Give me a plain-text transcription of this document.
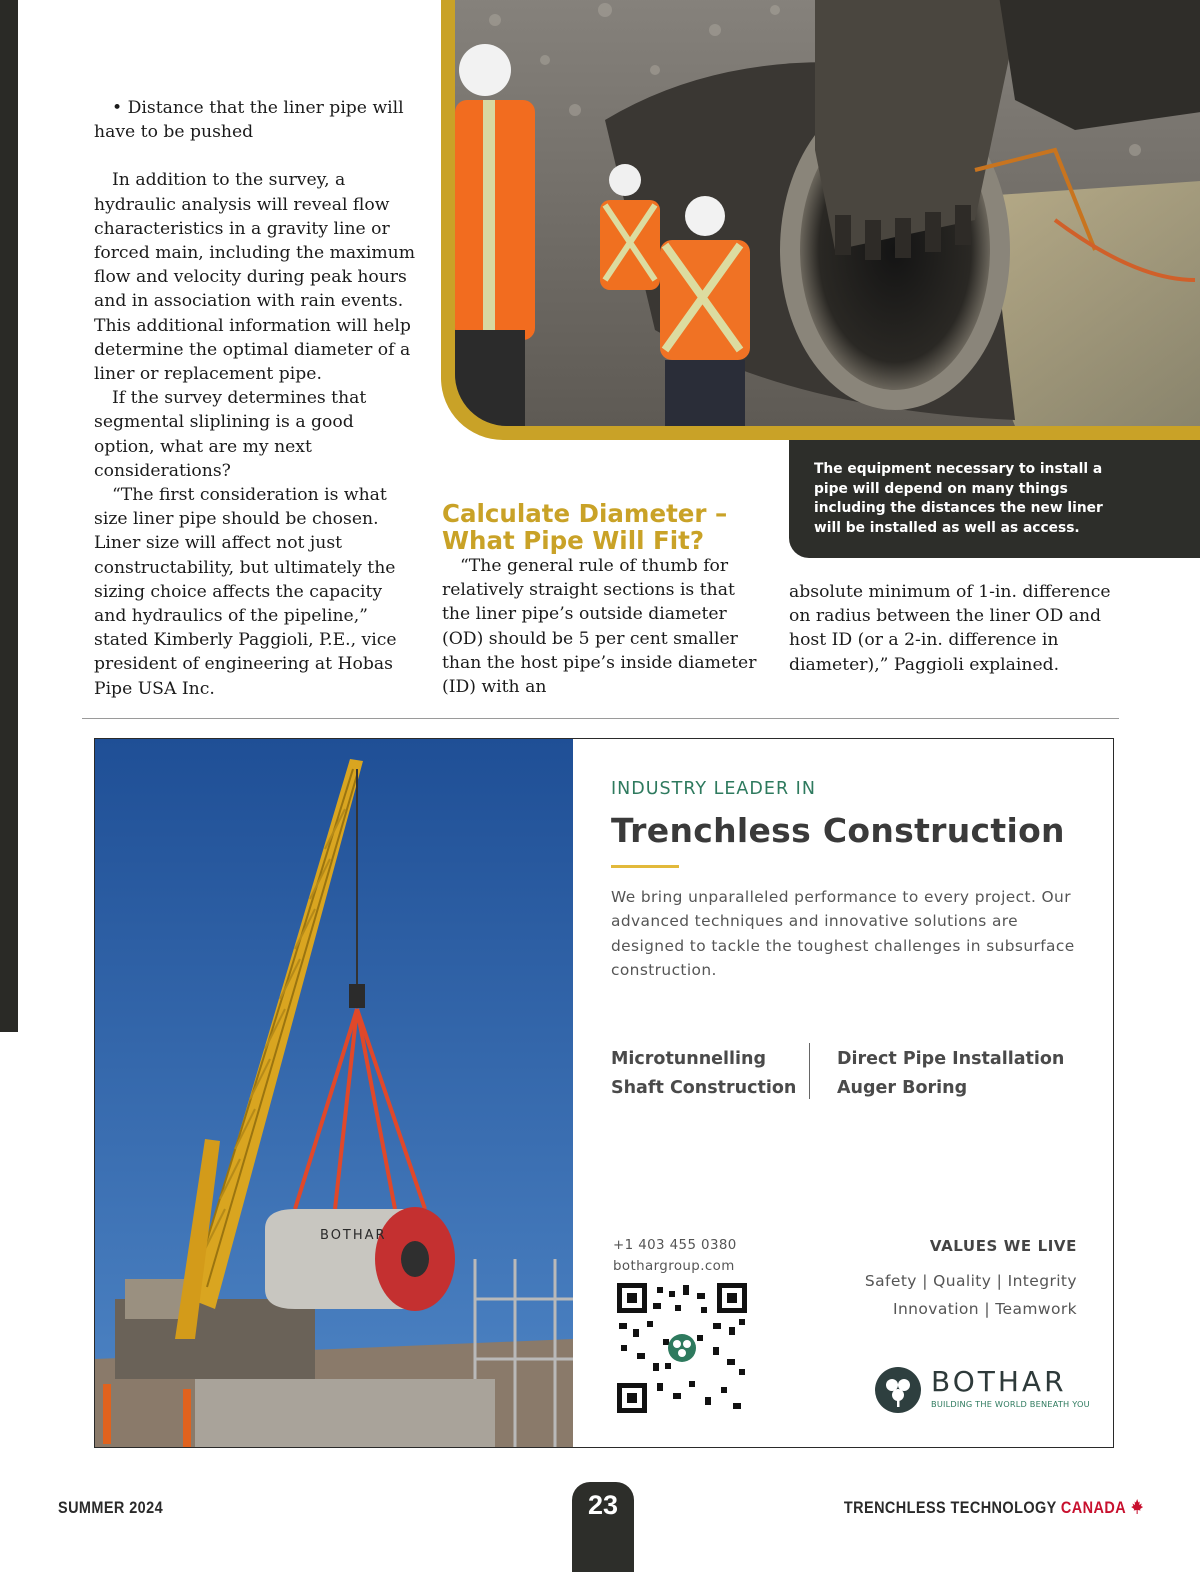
• Distance that the liner pipe will have to be pushed

In addition to the survey, a hydraulic analysis will reveal flow characteristics in a gravity line or forced main, including the maximum flow and velocity during peak hours and in association with rain events. This additional information will help determine the optimal diameter of a liner or replacement pipe.

If the survey determines that segmental sliplining is a good option, what are my next considerations?

“The first consideration is what size liner pipe should be chosen. Liner size will affect not just constructability, but ultimately the sizing choice affects the capacity and hydraulics of the pipeline,” stated Kimberly Paggioli, P.E., vice president of engineering at Hobas Pipe USA Inc.

The equipment necessary to install a pipe will depend on many things including the distances the new liner will be installed as well as access.
Calculate Diameter –
What Pipe Will Fit?

“The general rule of thumb for relatively straight sections is that the liner pipe’s outside diameter (OD) should be 5 per cent smaller than the host pipe’s inside diameter (ID) with an

absolute minimum of 1-in. difference on radius between the liner OD and host ID (or a 2-in. difference in diameter),” Paggioli explained.

BOTHAR
INDUSTRY LEADER IN
Trenchless Construction
We bring unparalleled performance to every project. Our advanced techniques and innovative solutions are designed to tackle the toughest challenges in subsurface construction.
Microtunnelling
Shaft Construction
Direct Pipe Installation
Auger Boring
+1 403 455 0380
bothargroup.com
VALUES WE LIVE
Safety | Quality | Integrity
Innovation | Teamwork
BOTHAR
BUILDING THE WORLD BENEATH YOU
SUMMER 2024	23	TRENCHLESS TECHNOLOGY CANADA
